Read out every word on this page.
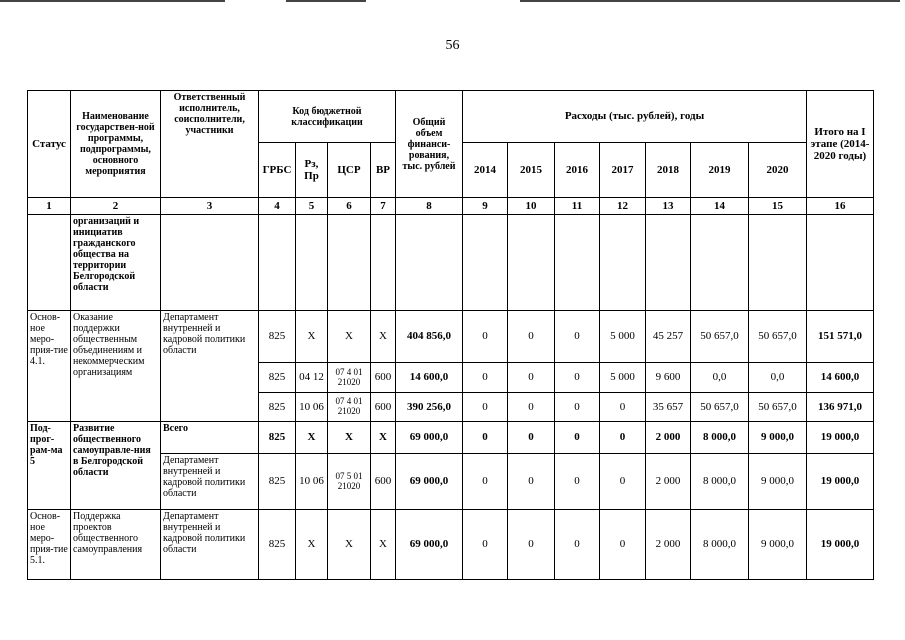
56
Статус	Наименование государствен-ной программы, подпрограммы, основного мероприятия	Ответственный исполнитель, соисполнители, участники	Код бюджетной классификации				Общий объем финанси-рования, тыс. рублей	Расходы (тыс. рублей), годы							Итого на I этапе (2014-2020 годы)
			ГРБС	Рз, Пр	ЦСР	ВР		2014	2015	2016	2017	2018	2019	2020	
1	2	3	4	5	6	7	8	9	10	11	12	13	14	15	16
	организаций и инициатив гражданского общества на территории Белгородской области														
Основ-ное меро-прия-тие 4.1.	Оказание поддержки общественным объединениям и некоммерческим организациям	Департамент внутренней и кадровой политики области	825	X	X	X	404 856,0	0	0	0	5 000	45 257	50 657,0	50 657,0	151 571,0
			825	04 12	07 4 01 21020	600	14 600,0	0	0	0	5 000	9 600	0,0	0,0	14 600,0
			825	10 06	07 4 01 21020	600	390 256,0	0	0	0	0	35 657	50 657,0	50 657,0	136 971,0
Под-прог-рам-ма 5	Развитие общественного самоуправле-ния в Белгородской области	Всего	825	X	X	X	69 000,0	0	0	0	0	2 000	8 000,0	9 000,0	19 000,0
		Департамент внутренней и кадровой политики области	825	10 06	07 5 01 21020	600	69 000,0	0	0	0	0	2 000	8 000,0	9 000,0	19 000,0
Основ-ное меро-прия-тие 5.1.	Поддержка проектов общественного самоуправления	Департамент внутренней и кадровой политики области	825	X	X	X	69 000,0	0	0	0	0	2 000	8 000,0	9 000,0	19 000,0
